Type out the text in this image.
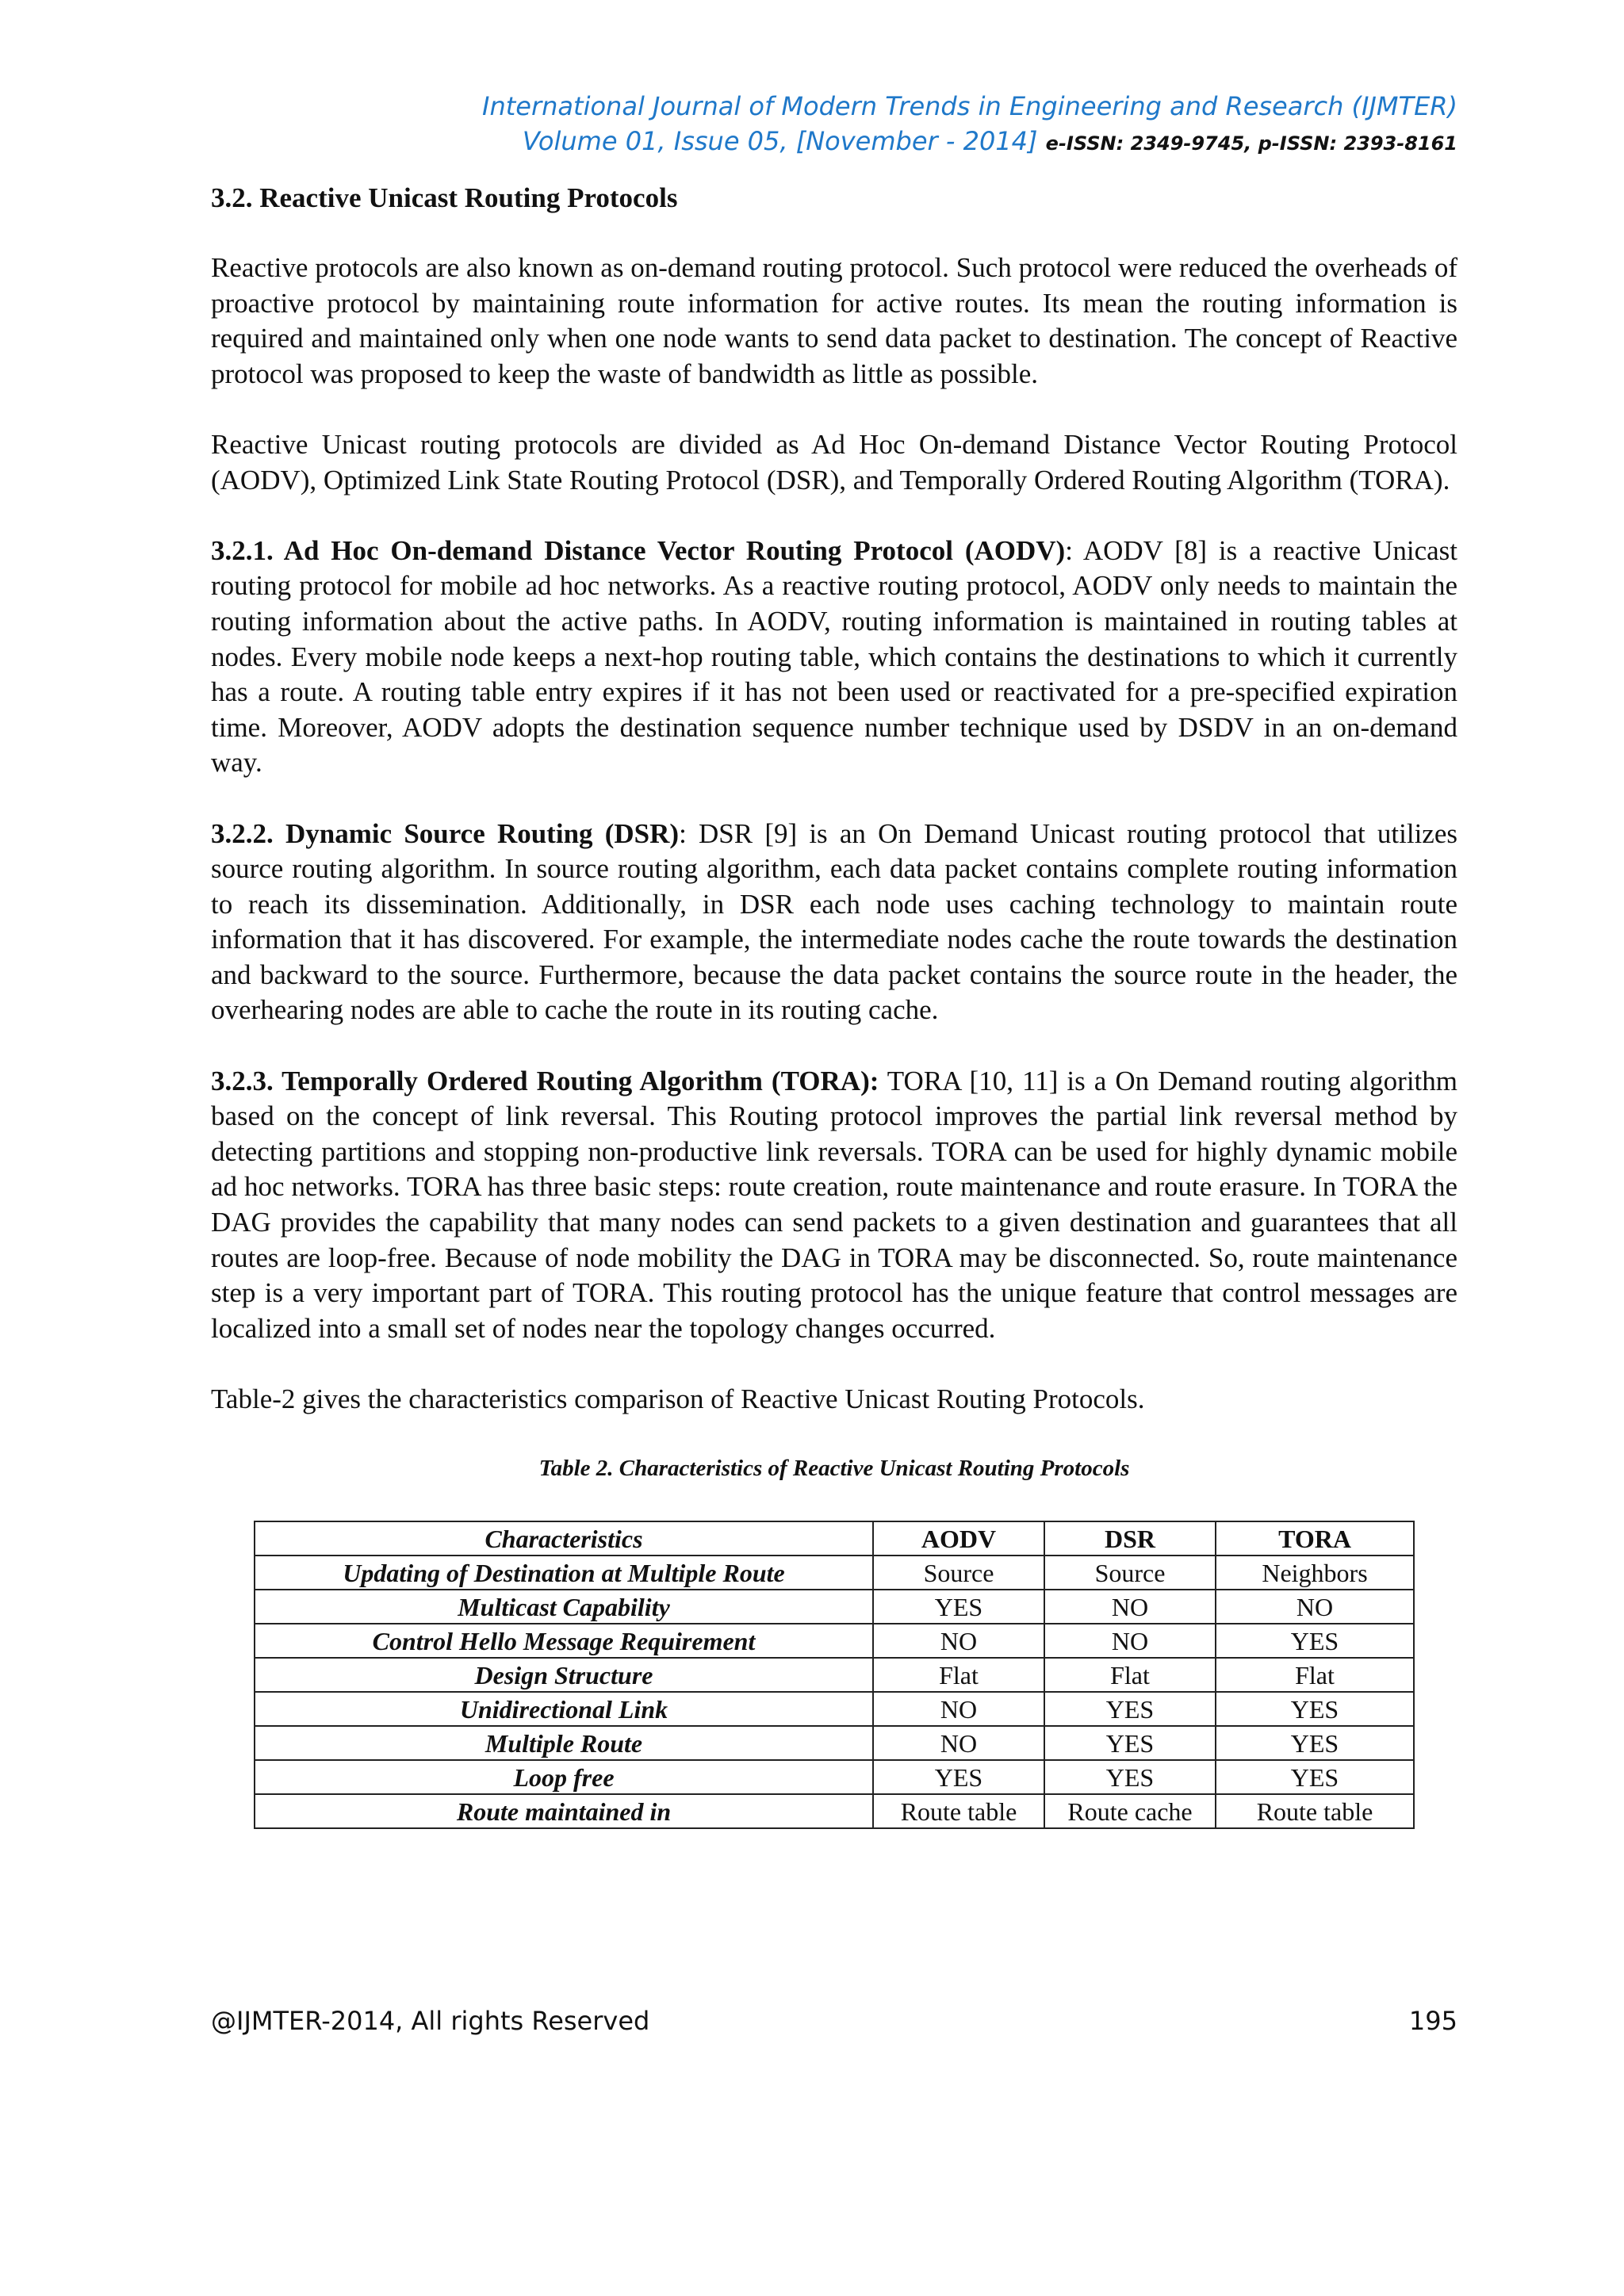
International Journal of Modern Trends in Engineering and Research (IJMTER)
Volume 01, Issue 05, [November - 2014] e-ISSN: 2349-9745, p-ISSN: 2393-8161
3.2. Reactive Unicast Routing Protocols

Reactive protocols are also known as on-demand routing protocol. Such protocol were reduced the overheads of proactive protocol by maintaining route information for active routes. Its mean the routing information is required and maintained only when one node wants to send data packet to destination. The concept of Reactive protocol was proposed to keep the waste of bandwidth as little as possible.

Reactive Unicast routing protocols are divided as Ad Hoc On-demand Distance Vector Routing Protocol (AODV), Optimized Link State Routing Protocol (DSR), and Temporally Ordered Routing Algorithm (TORA).

3.2.1. Ad Hoc On-demand Distance Vector Routing Protocol (AODV): AODV [8] is a reactive Unicast routing protocol for mobile ad hoc networks. As a reactive routing protocol, AODV only needs to maintain the routing information about the active paths. In AODV, routing information is maintained in routing tables at nodes. Every mobile node keeps a next-hop routing table, which contains the destinations to which it currently has a route. A routing table entry expires if it has not been used or reactivated for a pre-specified expiration time. Moreover, AODV adopts the destination sequence number technique used by DSDV in an on-demand way.

3.2.2. Dynamic Source Routing (DSR): DSR [9] is an On Demand Unicast routing protocol that utilizes source routing algorithm. In source routing algorithm, each data packet contains complete routing information to reach its dissemination. Additionally, in DSR each node uses caching technology to maintain route information that it has discovered. For example, the intermediate nodes cache the route towards the destination and backward to the source. Furthermore, because the data packet contains the source route in the header, the overhearing nodes are able to cache the route in its routing cache.

3.2.3. Temporally Ordered Routing Algorithm (TORA): TORA [10, 11] is a On Demand routing algorithm based on the concept of link reversal. This Routing protocol improves the partial link reversal method by detecting partitions and stopping non-productive link reversals. TORA can be used for highly dynamic mobile ad hoc networks. TORA has three basic steps: route creation, route maintenance and route erasure. In TORA the DAG provides the capability that many nodes can send packets to a given destination and guarantees that all routes are loop-free. Because of node mobility the DAG in TORA may be disconnected. So, route maintenance step is a very important part of TORA. This routing protocol has the unique feature that control messages are localized into a small set of nodes near the topology changes occurred.

Table-2 gives the characteristics comparison of Reactive Unicast Routing Protocols.

Table 2. Characteristics of Reactive Unicast Routing Protocols
Characteristics	AODV	DSR	TORA
Updating of Destination at Multiple Route	Source	Source	Neighbors
Multicast Capability	YES	NO	NO
Control Hello Message Requirement	NO	NO	YES
Design Structure	Flat	Flat	Flat
Unidirectional Link	NO	YES	YES
Multiple Route	NO	YES	YES
Loop free	YES	YES	YES
Route maintained in	Route table	Route cache	Route table
@IJMTER-2014, All rights Reserved	195
